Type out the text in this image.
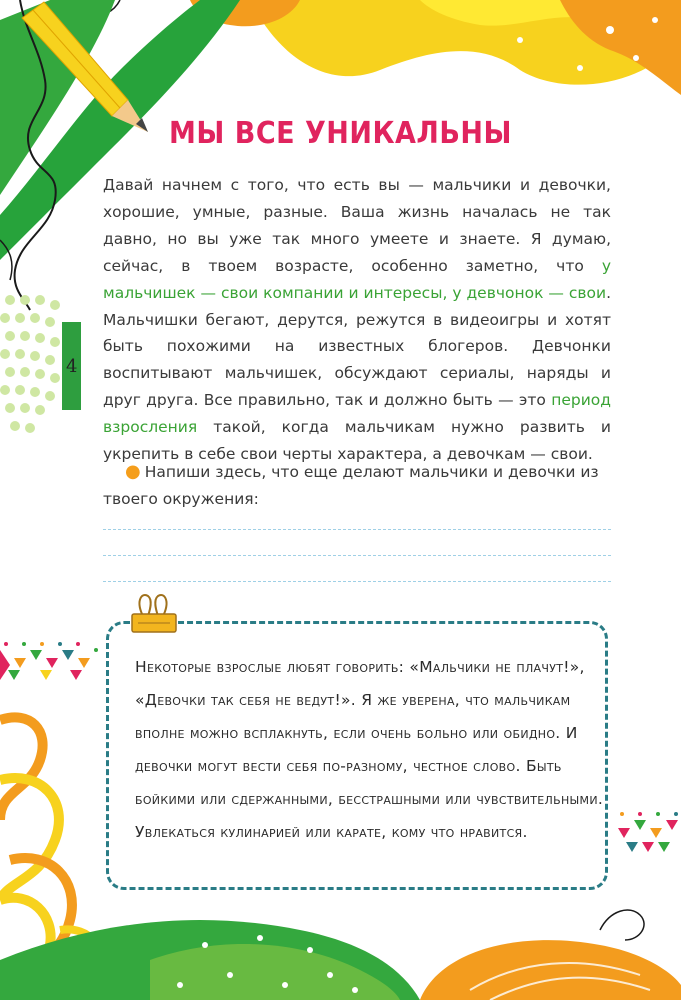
4
МЫ ВСЕ УНИКАЛЬНЫ

Давай начнем с того, что есть вы — мальчики и девочки, хорошие, умные, разные. Ваша жизнь началась не так давно, но вы уже так много умеете и знаете. Я думаю, сейчас, в твоем возрасте, особенно заметно, что у мальчишек — свои компании и интересы, у девчонок — свои. Мальчишки бегают, дерутся, режутся в видеоигры и хотят быть похожими на известных блогеров. Девчонки воспитывают мальчишек, обсуждают сериалы, наряды и друг друга. Все правильно, так и должно быть — это период взросления такой, когда мальчикам нужно развить и укрепить в себе свои черты характера, а девочкам — свои.

● Напиши здесь, что еще делают мальчики и девочки из твоего окружения:

Некоторые взрослые любят говорить: «Мальчики не плачут!», «Девочки так себя не ведут!». Я же уверена, что мальчикам вполне можно всплакнуть, если очень больно или обидно. И девочки могут вести себя по-разному, честное слово. Быть бойкими или сдержанными, бесстрашными или чувствительными. Увлекаться кулинарией или карате, кому что нравится.
